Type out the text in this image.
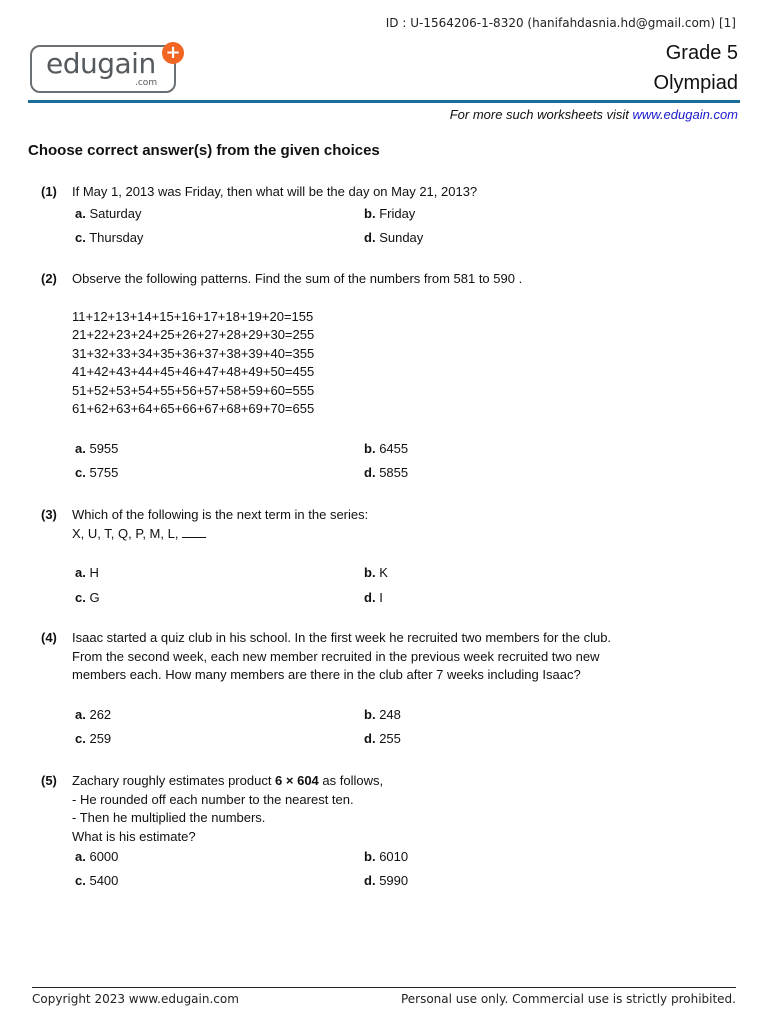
ID : U-1564206-1-8320 (hanifahdasnia.hd@gmail.com) [1]
edugain
.com
+	Grade 5
Olympiad
For more such worksheets visit www.edugain.com
Choose correct answer(s) from the given choices
(1) If May 1, 2013 was Friday, then what will be the day on May 21, 2013?
a. Saturday	b. Friday
c. Thursday	d. Sunday
(2) Observe the following patterns. Find the sum of the numbers from 581 to 590 .
11+12+13+14+15+16+17+18+19+20=155
21+22+23+24+25+26+27+28+29+30=255
31+32+33+34+35+36+37+38+39+40=355
41+42+43+44+45+46+47+48+49+50=455
51+52+53+54+55+56+57+58+59+60=555
61+62+63+64+65+66+67+68+69+70=655
a. 5955	b. 6455
c. 5755	d. 5855
(3) Which of the following is the next term in the series:
X, U, T, Q, P, M, L,
a. H	b. K
c. G	d. I
(4) Isaac started a quiz club in his school. In the first week he recruited two members for the club.
From the second week, each new member recruited in the previous week recruited two new
members each. How many members are there in the club after 7 weeks including Isaac?
a. 262	b. 248
c. 259	d. 255
(5) Zachary roughly estimates product 6 × 604 as follows,
- He rounded off each number to the nearest ten.
- Then he multiplied the numbers.
What is his estimate?
a. 6000	b. 6010
c. 5400	d. 5990
Copyright 2023 www.edugain.com	Personal use only. Commercial use is strictly prohibited.
